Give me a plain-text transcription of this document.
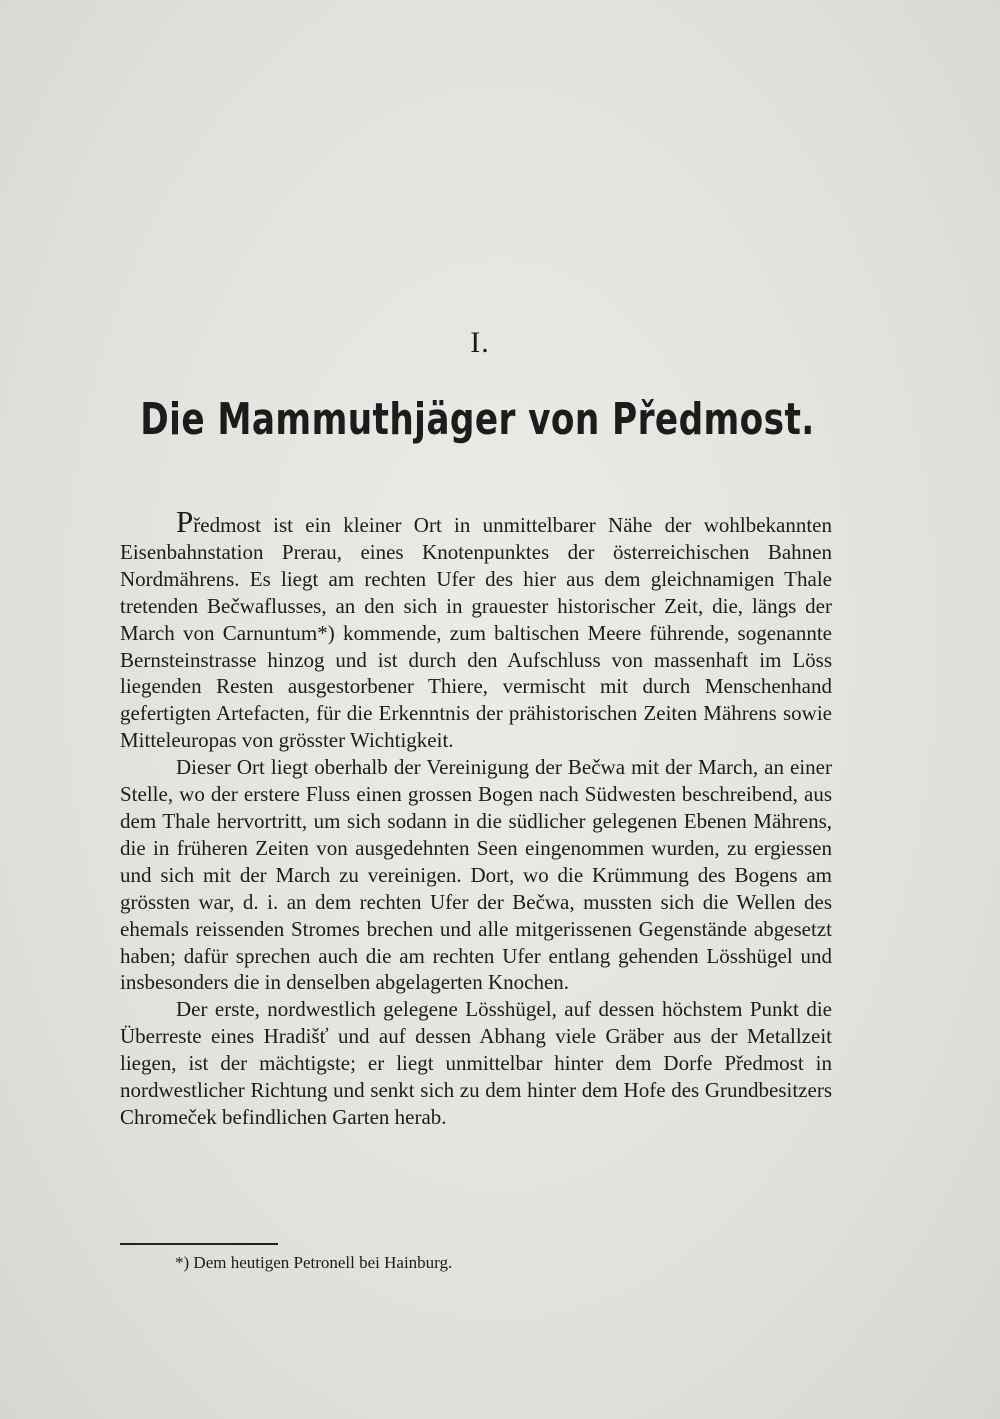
I.
Die Mammuthjäger von Předmost.

Předmost ist ein kleiner Ort in unmittelbarer Nähe der wohlbekannten Eisenbahnstation Prerau, eines Knotenpunktes der österreichischen Bahnen Nordmährens. Es liegt am rechten Ufer des hier aus dem gleichnamigen Thale tretenden Bečwaflusses, an den sich in grauester historischer Zeit, die, längs der March von Carnuntum*) kommende, zum baltischen Meere führende, sogenannte Bernsteinstrasse hinzog und ist durch den Aufschluss von massenhaft im Löss liegenden Resten ausgestorbener Thiere, vermischt mit durch Menschenhand gefertigten Artefacten, für die Erkenntnis der prähistorischen Zeiten Mährens sowie Mitteleuropas von grösster Wichtigkeit.

Dieser Ort liegt oberhalb der Vereinigung der Bečwa mit der March, an einer Stelle, wo der erstere Fluss einen grossen Bogen nach Südwesten beschreibend, aus dem Thale hervortritt, um sich sodann in die südlicher gelegenen Ebenen Mährens, die in früheren Zeiten von ausgedehnten Seen eingenommen wurden, zu ergiessen und sich mit der March zu vereinigen. Dort, wo die Krümmung des Bogens am grössten war, d. i. an dem rechten Ufer der Bečwa, mussten sich die Wellen des ehemals reissenden Stromes brechen und alle mitgerissenen Gegenstände abgesetzt haben; dafür sprechen auch die am rechten Ufer entlang gehenden Lösshügel und insbesonders die in denselben abgelagerten Knochen.

Der erste, nordwestlich gelegene Lösshügel, auf dessen höchstem Punkt die Überreste eines Hradišť und auf dessen Abhang viele Gräber aus der Metallzeit liegen, ist der mächtigste; er liegt unmittelbar hinter dem Dorfe Předmost in nordwestlicher Richtung und senkt sich zu dem hinter dem Hofe des Grundbesitzers Chromeček befindlichen Garten herab.

*) Dem heutigen Petronell bei Hainburg.
